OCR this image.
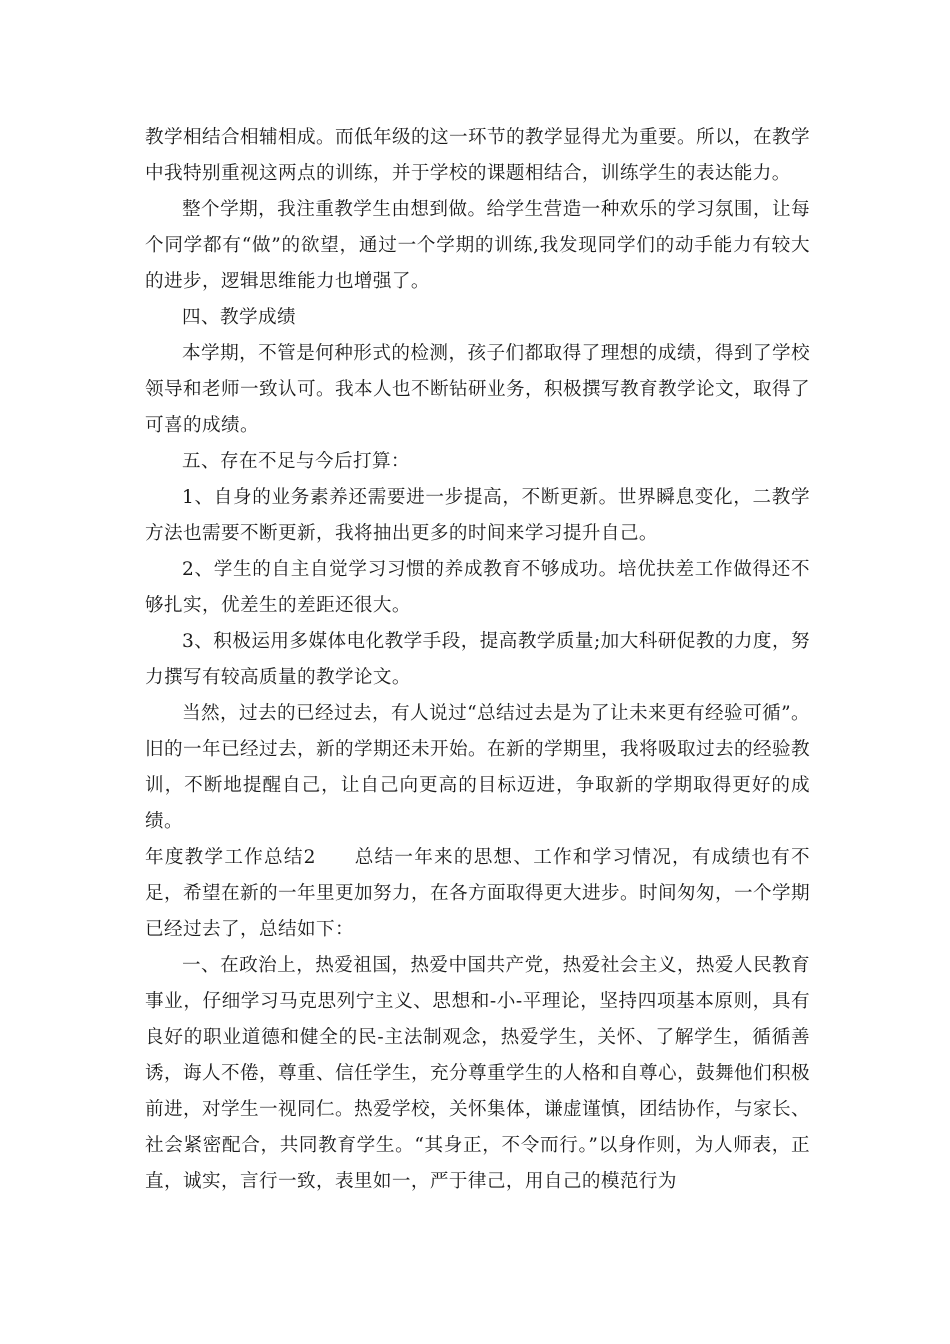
教学相结合相辅相成。而低年级的这一环节的教学显得尤为重要。所以，在教学中我特别重视这两点的训练，并于学校的课题相结合，训练学生的表达能力。

整个学期，我注重教学生由想到做。给学生营造一种欢乐的学习氛围，让每个同学都有“做”的欲望，通过一个学期的训练,我发现同学们的动手能力有较大的进步，逻辑思维能力也增强了。

四、教学成绩

本学期，不管是何种形式的检测，孩子们都取得了理想的成绩，得到了学校领导和老师一致认可。我本人也不断钻研业务，积极撰写教育教学论文，取得了可喜的成绩。

五、存在不足与今后打算：

1、自身的业务素养还需要进一步提高，不断更新。世界瞬息变化，二教学方法也需要不断更新，我将抽出更多的时间来学习提升自己。

2、学生的自主自觉学习习惯的养成教育不够成功。培优扶差工作做得还不够扎实，优差生的差距还很大。

3、积极运用多媒体电化教学手段，提高教学质量;加大科研促教的力度，努力撰写有较高质量的教学论文。

当然，过去的已经过去，有人说过“总结过去是为了让未来更有经验可循”。旧的一年已经过去，新的学期还未开始。在新的学期里，我将吸取过去的经验教训，不断地提醒自己，让自己向更高的目标迈进，争取新的学期取得更好的成绩。

年度教学工作总结2 总结一年来的思想、工作和学习情况，有成绩也有不足，希望在新的一年里更加努力，在各方面取得更大进步。时间匆匆，一个学期已经过去了，总结如下：

一、在政治上，热爱祖国，热爱中国共产党，热爱社会主义，热爱人民教育事业，仔细学习马克思列宁主义、思想和-小-平理论，坚持四项基本原则，具有良好的职业道德和健全的民-主法制观念，热爱学生，关怀、了解学生，循循善诱，诲人不倦，尊重、信任学生，充分尊重学生的人格和自尊心，鼓舞他们积极前进，对学生一视同仁。热爱学校，关怀集体，谦虚谨慎，团结协作，与家长、社会紧密配合，共同教育学生。“其身正，不令而行。”以身作则，为人师表，正直，诚实，言行一致，表里如一，严于律己，用自己的模范行为
